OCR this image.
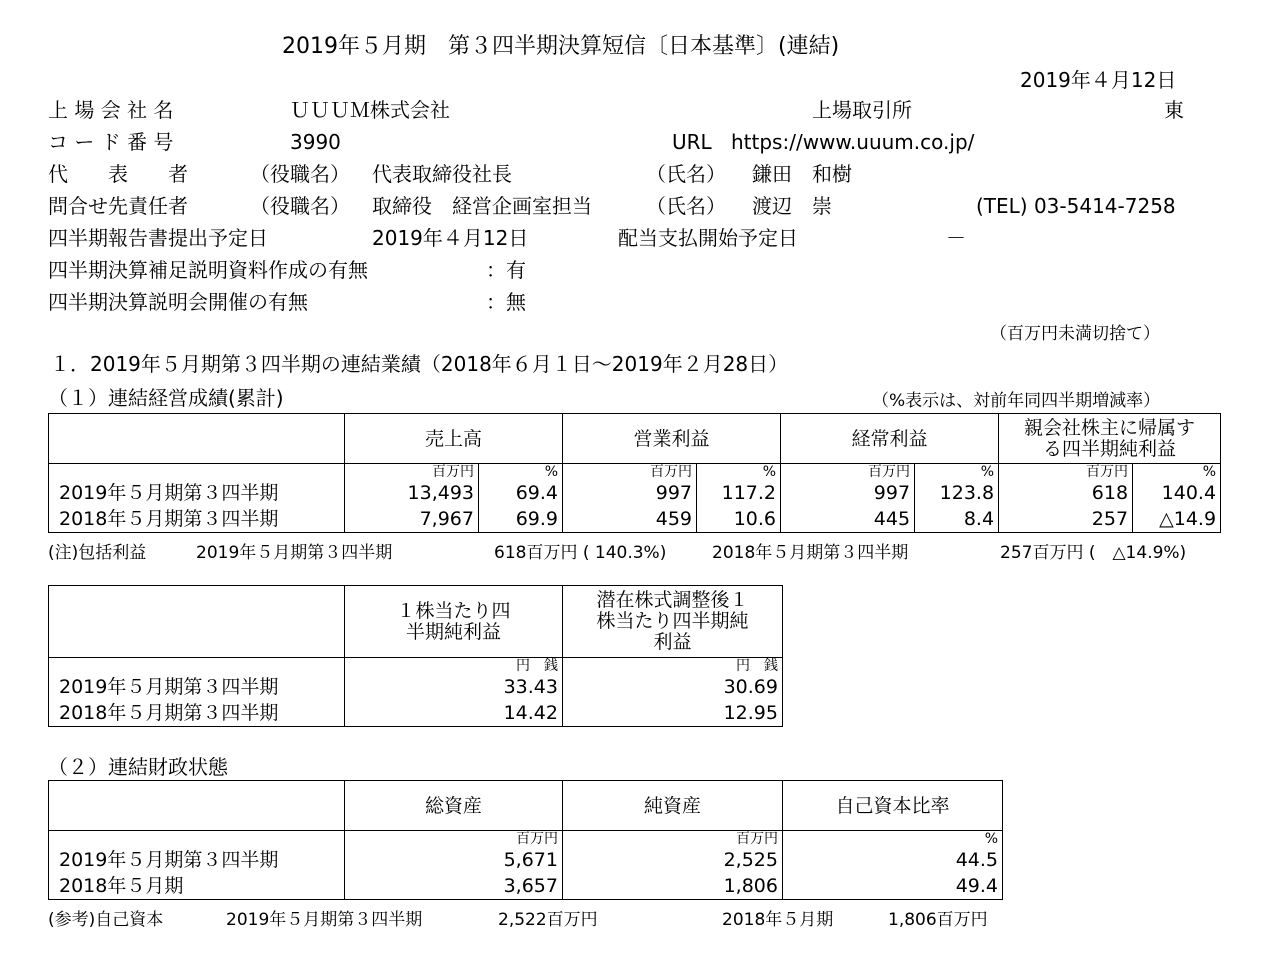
2019年５月期　第３四半期決算短信〔日本基準〕(連結)
2019年４月12日
上 場 会 社 名	ＵＵＵＭ株式会社	上場取引所	東
コ ー ド 番 号	3990	URL https://www.uuum.co.jp/
代　　表　　者	（役職名） 代表取締役社長	（氏名） 鎌田　和樹
問合せ先責任者	（役職名） 取締役　経営企画室担当	（氏名） 渡辺　崇	(TEL) 03-5414-7258
四半期報告書提出予定日	2019年４月12日	配当支払開始予定日	－
四半期決算補足説明資料作成の有無	：有
四半期決算説明会開催の有無	：無
（百万円未満切捨て）
１．2019年５月期第３四半期の連結業績（2018年６月１日～2019年２月28日）
（１）連結経営成績(累計)	（%表示は、対前年同四半期増減率）
	売上高		営業利益		経常利益		親会社株主に帰属する四半期純利益	
	百万円	%	百万円	%	百万円	%	百万円	%
2019年５月期第３四半期	13,493	69.4	997	117.2	997	123.8	618	140.4
2018年５月期第３四半期	7,967	69.9	459	10.6	445	8.4	257	△14.9
(注)包括利益	2019年５月期第３四半期	618百万円 ( 140.3%)	2018年５月期第３四半期	257百万円 (　△14.9%)
	１株当たり四半期純利益	潜在株式調整後１株当たり四半期純利益
	円　銭	円　銭
2019年５月期第３四半期	33.43	30.69
2018年５月期第３四半期	14.42	12.95
（２）連結財政状態
	総資産	純資産	自己資本比率
	百万円	百万円	%
2019年５月期第３四半期	5,671	2,525	44.5
2018年５月期	3,657	1,806	49.4
(参考)自己資本	2019年５月期第３四半期	2,522百万円	2018年５月期	1,806百万円
